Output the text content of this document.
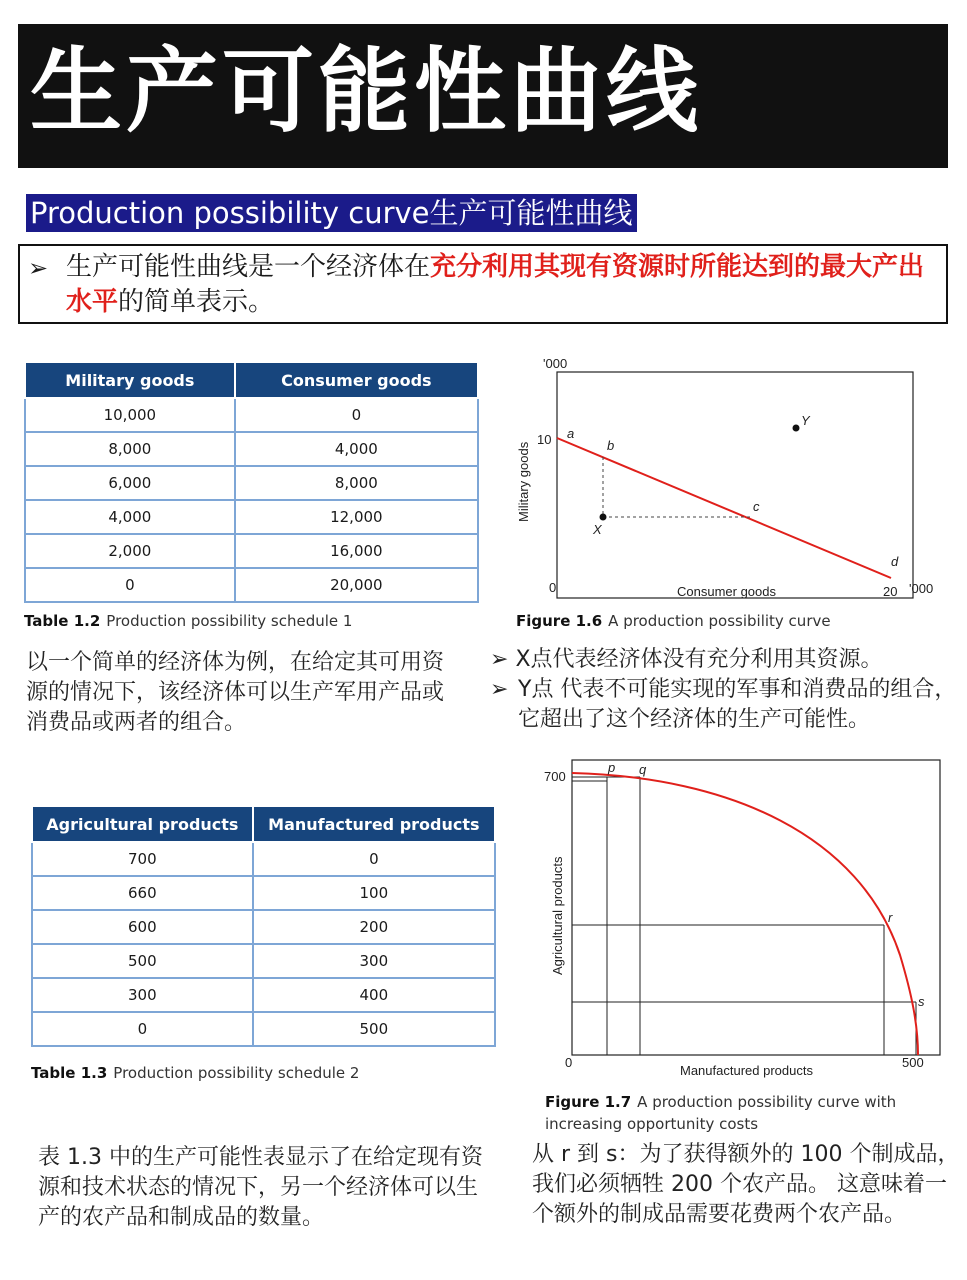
生产可能性曲线
Production possibility curve生产可能性曲线
➢ 生产可能性曲线是一个经济体在充分利用其现有资源时所能达到的最大产出水平的简单表示。
Military goods	Consumer goods
10,000	0
8,000	4,000
6,000	8,000
4,000	12,000
2,000	16,000
0	20,000
Table 1.2 Production possibility schedule 1
以一个简单的经济体为例，在给定其可用资源的情况下，该经济体可以生产军用产品或消费品或两者的组合。
'000
Military goods
Consumer goods
0
10
20 '000
a
b
c
d
X
Y
Figure 1.6 A production possibility curve
➢ X点代表经济体没有充分利用其资源。
➢ Y点 代表不可能实现的军事和消费品的组合， 它超出了这个经济体的生产可能性。
Agricultural products	Manufactured products
700	0
660	100
600	200
500	300
300	400
0	500
Table 1.3 Production possibility schedule 2
700
500
0
Agricultural products
Manufactured products
p q
r
s
Figure 1.7 A production possibility curve with increasing opportunity costs
表 1.3 中的生产可能性表显示了在给定现有资源和技术状态的情况下，另一个经济体可以生产的农产品和制成品的数量。
从 r 到 s：为了获得额外的 100 个制成品，我们必须牺牲 200 个农产品。 这意味着一个额外的制成品需要花费两个农产品。
